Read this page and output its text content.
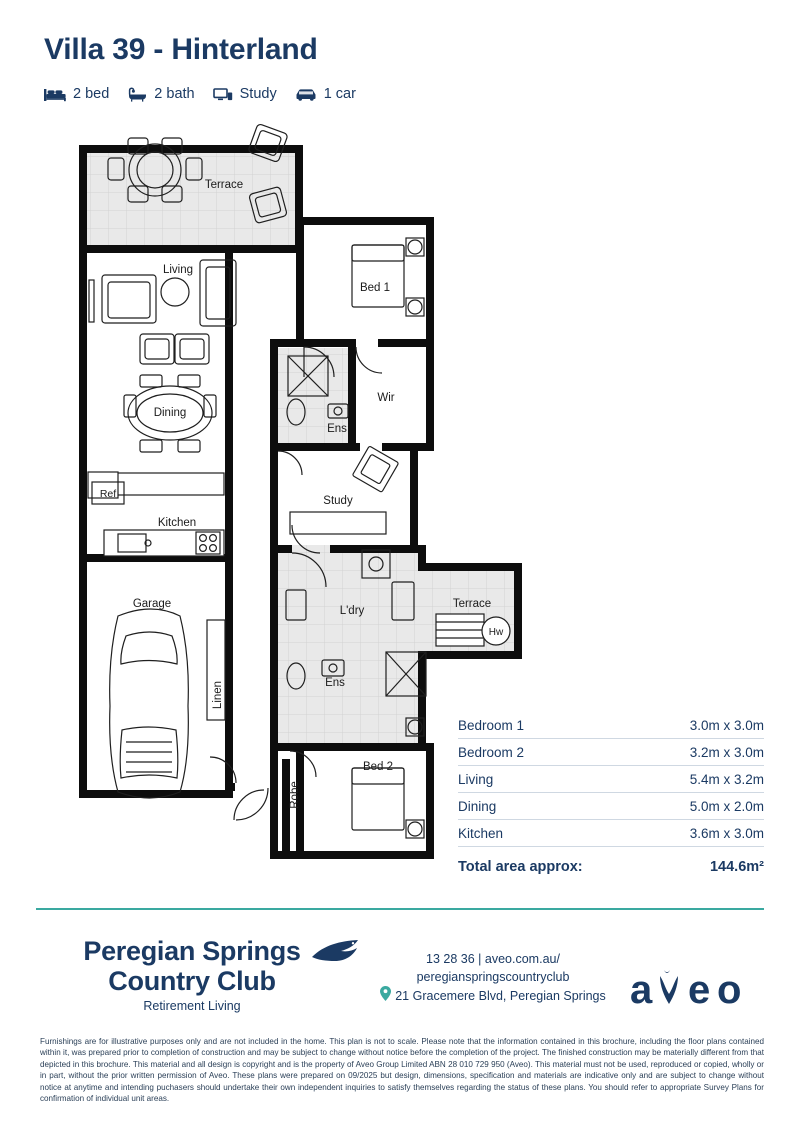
Villa 39 - Hinterland
2 bed	2 bath	Study	1 car
Terrace
Living
Dining
Kitchen
Garage
Bed 1
Wir
Ens
Study
L'dry
Terrace
Hw
Ens
Bed 2
Ref
Linen
Robe
Bedroom 1	3.0m x 3.0m
Bedroom 2	3.2m x 3.0m
Living	5.4m x 3.2m
Dining	5.0m x 2.0m
Kitchen	3.6m x 3.0m
Total area approx:	144.6m²
Peregian Springs
Country Club
Retirement Living
13 28 36 | aveo.com.au/
peregianspringscountryclub
21 Gracemere Blvd, Peregian Springs a e o
Furnishings are for illustrative purposes only and are not included in the home. This plan is not to scale. Please note that the information contained in this brochure, including the floor plans contained within it, was prepared prior to completion of construction and may be subject to change without notice before the completion of the project. The finished construction may be materially different from that depicted in this brochure. This material and all design is copyright and is the property of Aveo Group Limited ABN 28 010 729 950 (Aveo). This material must not be used, reproduced or copied, wholly or in part, without the prior written permission of Aveo. These plans were prepared on 09/2025 but design, dimensions, specification and materials are indicative only and are subject to change without notice at anytime and intending puchasers should undertake their own independent inquiries to satisfy themselves regarding the status of these plans. You should refer to appropriate Survey Plans for confirmation of individual unit areas.
